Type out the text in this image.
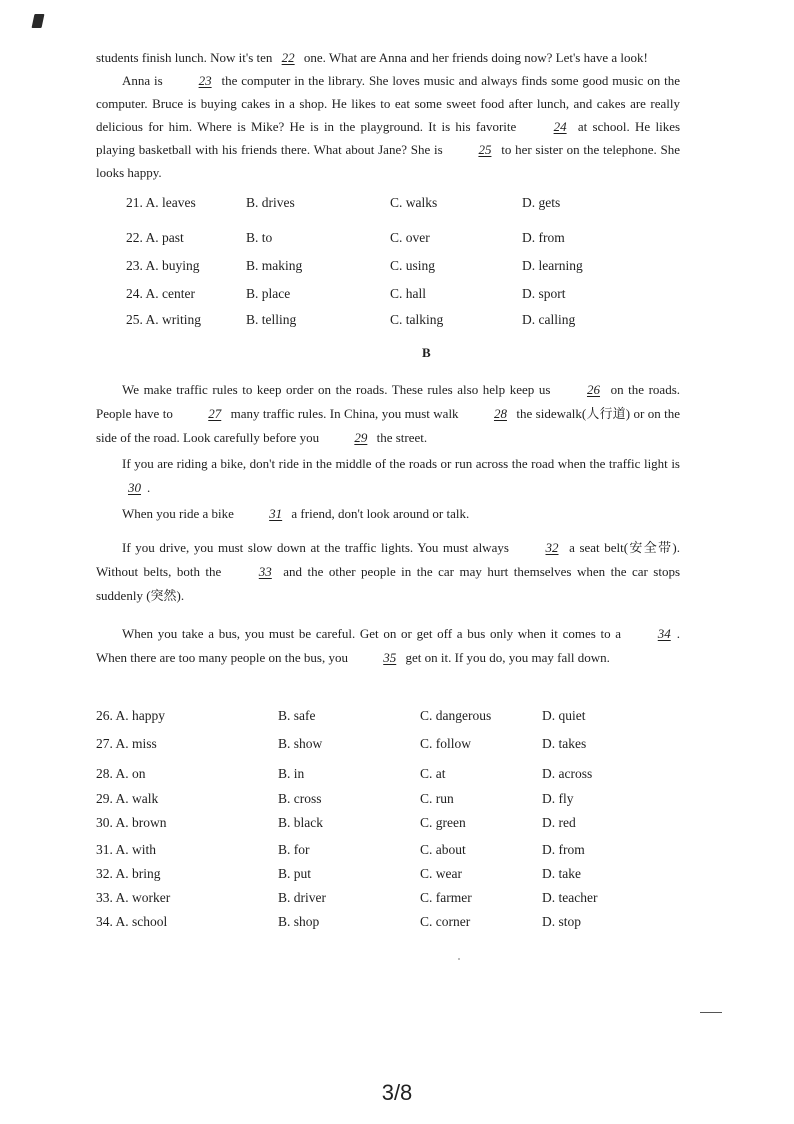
students finish lunch. Now it's ten 22 one. What are Anna and her friends doing now? Let's have a look!

Anna is	23 the computer in the library. She loves music and always finds some good music on the computer. Bruce is buying cakes in a shop. He likes to eat some sweet food after lunch, and cakes are really delicious for him. Where is Mike? He is in the playground. It is his favorite	24 at school. He likes playing basketball with his friends there. What about Jane? She is	25 to her sister on the telephone. She looks happy.

21. A. leaves	B. drives	C. walks	D. gets
22. A. past	B. to	C. over	D. from
23. A. buying	B. making	C. using	D. learning
24. A. center	B. place	C. hall	D. sport
25. A. writing	B. telling	C. talking	D. calling
B

We make traffic rules to keep order on the roads. These rules also help keep us	26 on the roads. People have to	27 many traffic rules. In China, you must walk	28 the sidewalk(人行道) or on the side of the road. Look carefully before you	29 the street.

If you are riding a bike, don't ride in the middle of the roads or run across the road when the traffic light is 30 .

When you ride a bike	31 a friend, don't look around or talk.

If you drive, you must slow down at the traffic lights. You must always	32 a seat belt(安全带). Without belts, both the	33 and the other people in the car may hurt themselves when the car stops suddenly (突然).

When you take a bus, you must be careful. Get on or get off a bus only when it comes to a	34 . When there are too many people on the bus, you	35 get on it. If you do, you may fall down.

26. A. happy	B. safe	C. dangerous	D. quiet
27. A. miss	B. show	C. follow	D. takes
28. A. on	B. in	C. at	D. across
29. A. walk	B. cross	C. run	D. fly
30. A. brown	B. black	C. green	D. red
31. A. with	B. for	C. about	D. from
32. A. bring	B. put	C. wear	D. take
33. A. worker	B. driver	C. farmer	D. teacher
34. A. school	B. shop	C. corner	D. stop
3/8
